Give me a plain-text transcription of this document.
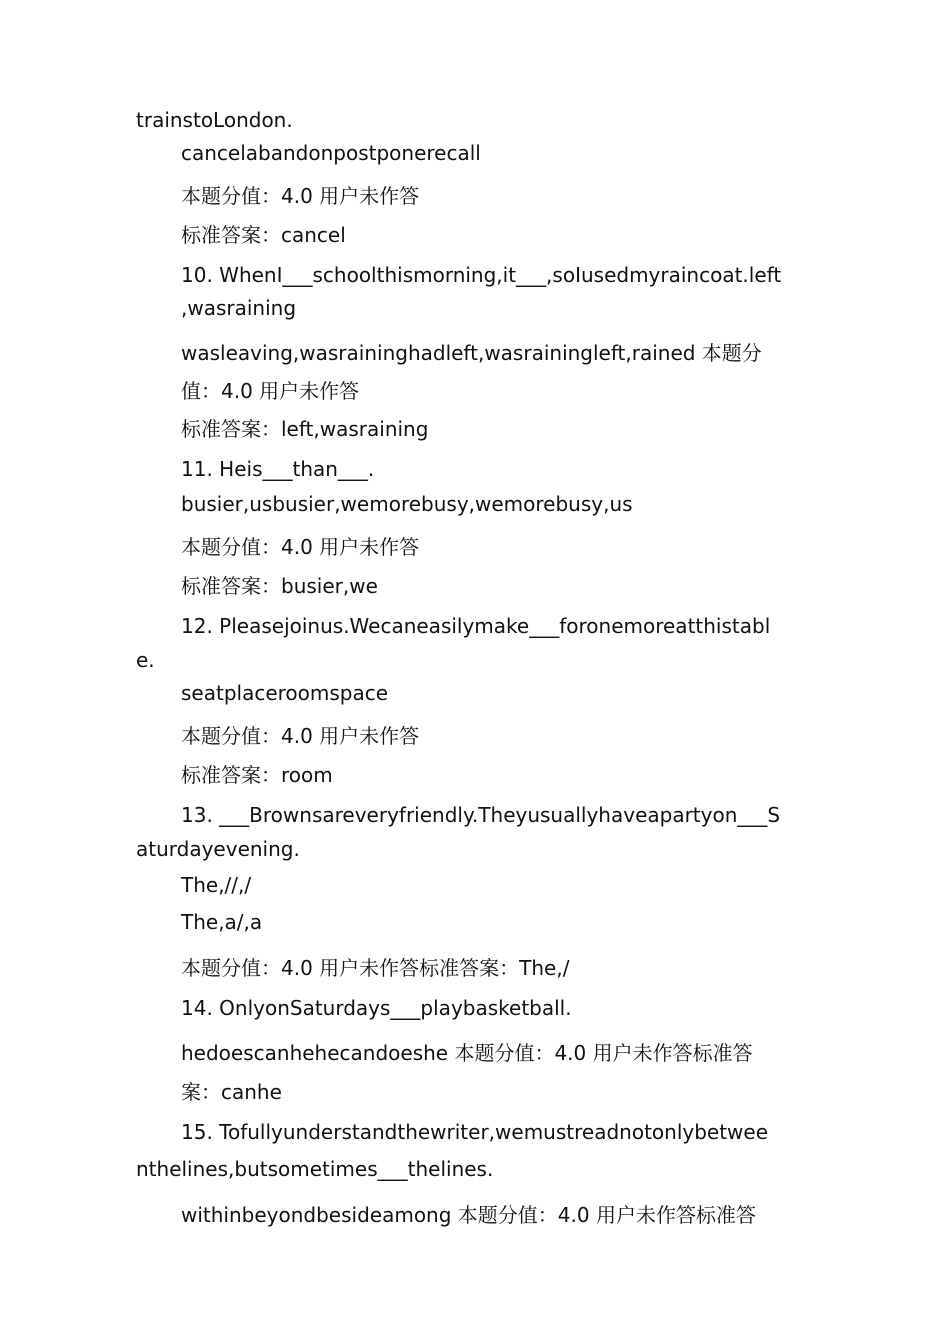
trainstoLondon.
cancelabandonpostponerecall
本题分值：4.0 用户未作答
标准答案：cancel
10. WhenI___schoolthismorning,it___,soIusedmyraincoat.left
,wasraining
wasleaving,wasraininghadleft,wasrainingleft,rained 本题分
值：4.0 用户未作答
标准答案：left,wasraining
11. Heis___than___.
busier,usbusier,wemorebusy,wemorebusy,us
本题分值：4.0 用户未作答
标准答案：busier,we
12. Pleasejoinus.Wecaneasilymake___foronemoreatthistabl
e.
seatplaceroomspace
本题分值：4.0 用户未作答
标准答案：room
13. ___Brownsareveryfriendly.Theyusuallyhaveapartyon___S
aturdayevening.
The,//,/
The,a/,a
本题分值：4.0 用户未作答标准答案：The,/
14. OnlyonSaturdays___playbasketball.
hedoescanhehecandoeshe 本题分值：4.0 用户未作答标准答
案：canhe
15. Tofullyunderstandthewriter,wemustreadnotonlybetwee
nthelines,butsometimes___thelines.
withinbeyondbesideamong 本题分值：4.0 用户未作答标准答
